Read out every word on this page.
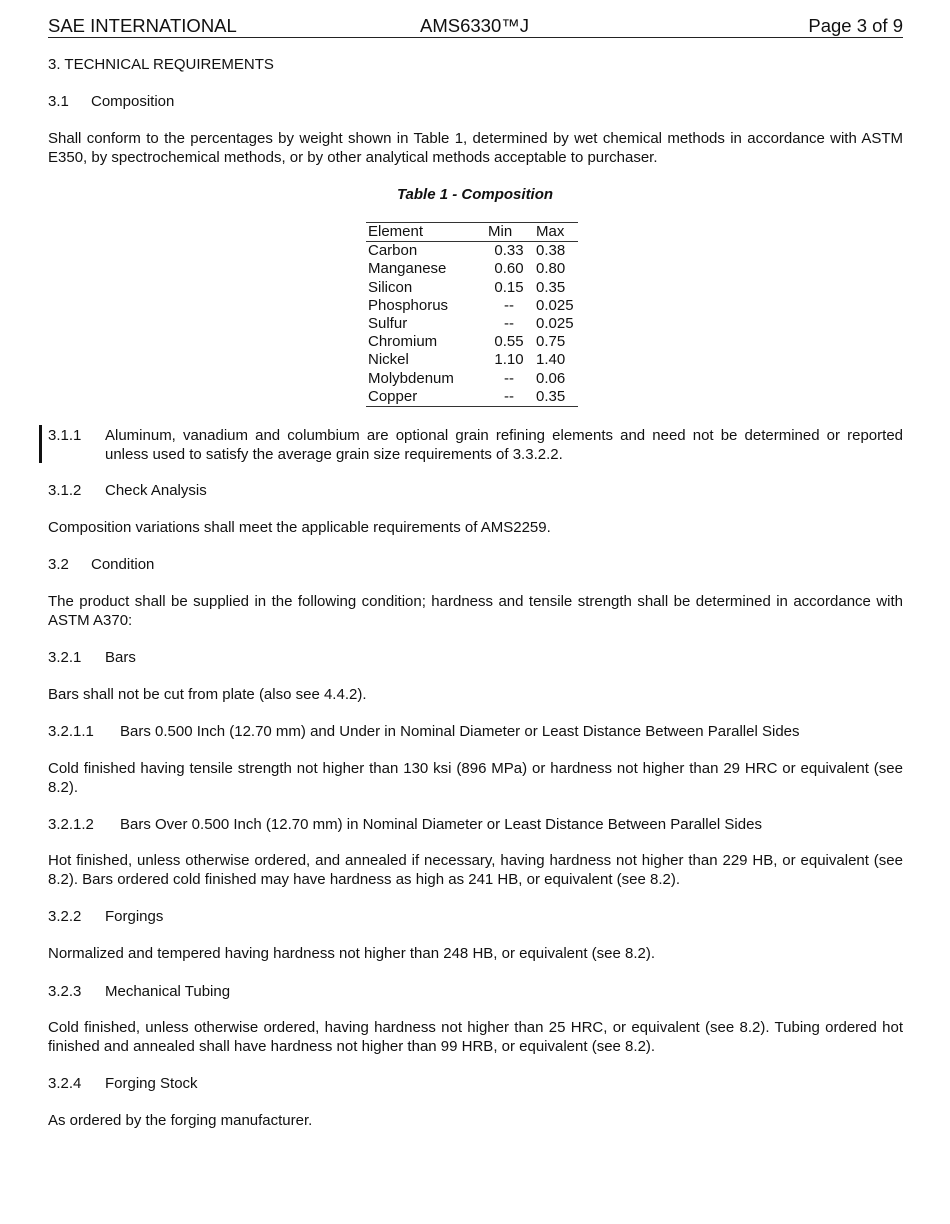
SAE INTERNATIONAL	AMS6330™J	Page 3 of 9
3. TECHNICAL REQUIREMENTS
3.1 Composition
Shall conform to the percentages by weight shown in Table 1, determined by wet chemical methods in accordance with ASTM E350, by spectrochemical methods, or by other analytical methods acceptable to purchaser.
Table 1 - Composition
Element	Min	Max
Carbon	0.33	0.38
Manganese	0.60	0.80
Silicon	0.15	0.35
Phosphorus	--	0.025
Sulfur	--	0.025
Chromium	0.55	0.75
Nickel	1.10	1.40
Molybdenum	--	0.06
Copper	--	0.35
3.1.1 Aluminum, vanadium and columbium are optional grain refining elements and need not be determined or reported unless used to satisfy the average grain size requirements of 3.3.2.2.
3.1.2 Check Analysis
Composition variations shall meet the applicable requirements of AMS2259.
3.2 Condition
The product shall be supplied in the following condition; hardness and tensile strength shall be determined in accordance with ASTM A370:
3.2.1 Bars
Bars shall not be cut from plate (also see 4.4.2).
3.2.1.1 Bars 0.500 Inch (12.70 mm) and Under in Nominal Diameter or Least Distance Between Parallel Sides
Cold finished having tensile strength not higher than 130 ksi (896 MPa) or hardness not higher than 29 HRC or equivalent (see 8.2).
3.2.1.2 Bars Over 0.500 Inch (12.70 mm) in Nominal Diameter or Least Distance Between Parallel Sides
Hot finished, unless otherwise ordered, and annealed if necessary, having hardness not higher than 229 HB, or equivalent (see 8.2). Bars ordered cold finished may have hardness as high as 241 HB, or equivalent (see 8.2).
3.2.2 Forgings
Normalized and tempered having hardness not higher than 248 HB, or equivalent (see 8.2).
3.2.3 Mechanical Tubing
Cold finished, unless otherwise ordered, having hardness not higher than 25 HRC, or equivalent (see 8.2). Tubing ordered hot finished and annealed shall have hardness not higher than 99 HRB, or equivalent (see 8.2).
3.2.4 Forging Stock
As ordered by the forging manufacturer.
